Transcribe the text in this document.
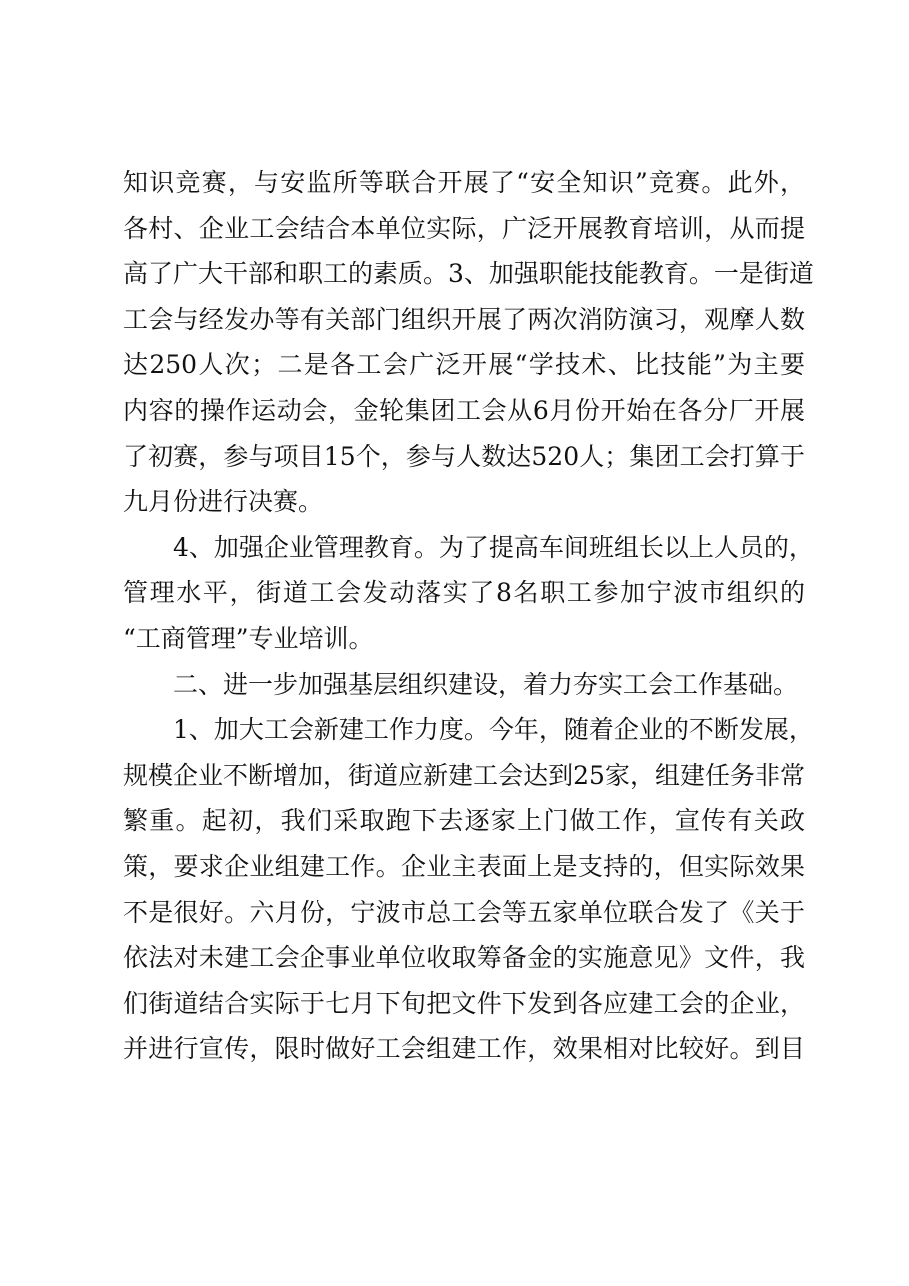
知识竞赛，与安监所等联合开展了“安全知识”竞赛。此外，
各村、企业工会结合本单位实际，广泛开展教育培训，从而提
高了广大干部和职工的素质。3、加强职能技能教育。一是街道
工会与经发办等有关部门组织开展了两次消防演习，观摩人数
达250人次；二是各工会广泛开展“学技术、比技能”为主要
内容的操作运动会，金轮集团工会从6月份开始在各分厂开展
了初赛，参与项目15个，参与人数达520人；集团工会打算于
九月份进行决赛。
4、加强企业管理教育。为了提高车间班组长以上人员的，
管理水平，街道工会发动落实了8名职工参加宁波市组织的
“工商管理”专业培训。
二、进一步加强基层组织建设，着力夯实工会工作基础。
1、加大工会新建工作力度。今年，随着企业的不断发展，
规模企业不断增加，街道应新建工会达到25家，组建任务非常
繁重。起初，我们采取跑下去逐家上门做工作，宣传有关政
策，要求企业组建工作。企业主表面上是支持的，但实际效果
不是很好。六月份，宁波市总工会等五家单位联合发了《关于
依法对未建工会企事业单位收取筹备金的实施意见》文件，我
们街道结合实际于七月下旬把文件下发到各应建工会的企业，
并进行宣传，限时做好工会组建工作，效果相对比较好。到目
